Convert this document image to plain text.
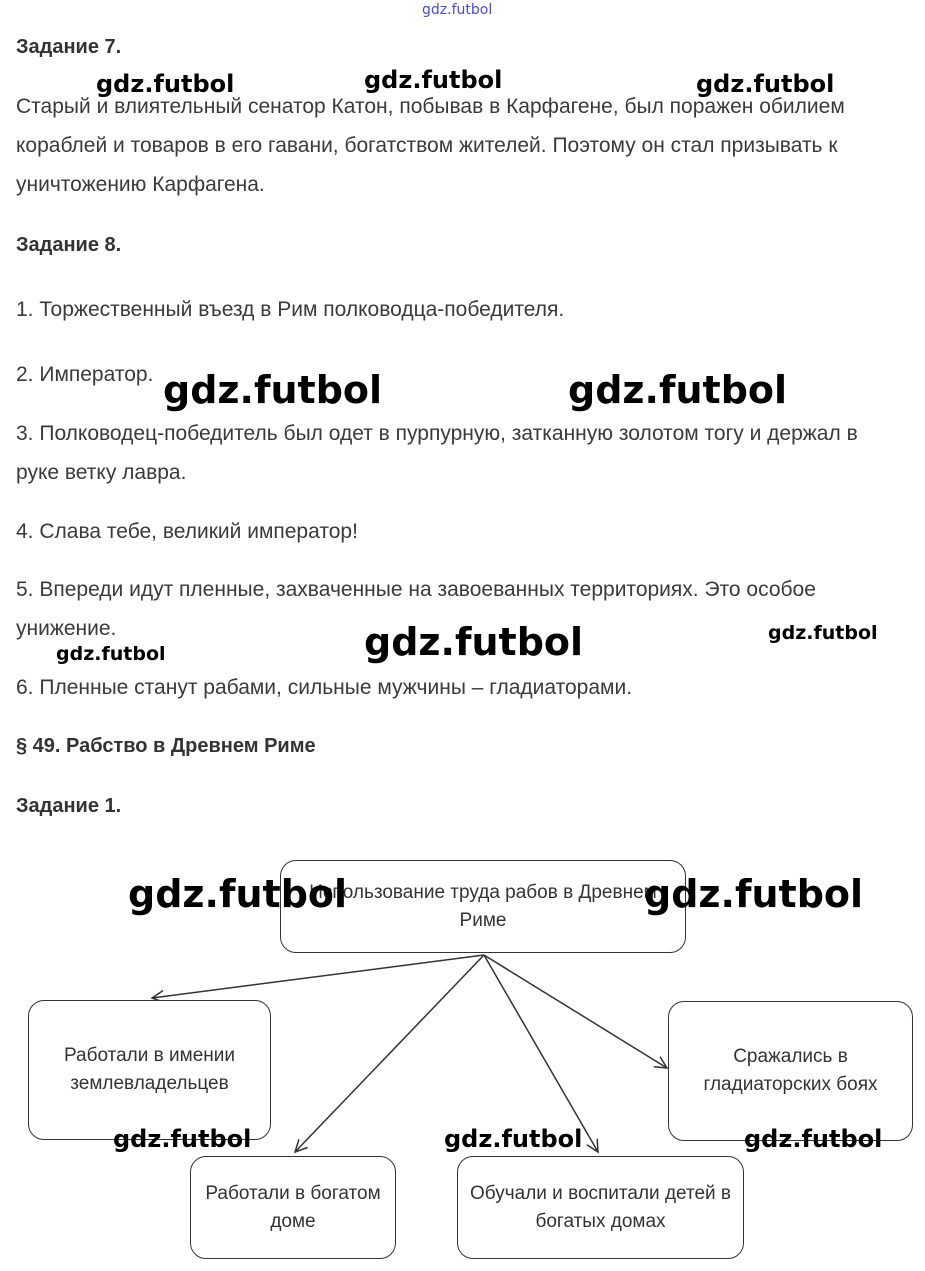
gdz.futbol
Задание 7.
Старый и влиятельный сенатор Катон, побывав в Карфагене, был поражен обилием кораблей и товаров в его гавани, богатством жителей. Поэтому он стал призывать к уничтожению Карфагена.
Задание 8.
1. Торжественный въезд в Рим полководца-победителя.
2. Император.
3. Полководец-победитель был одет в пурпурную, затканную золотом тогу и держал в руке ветку лавра.
4. Слава тебе, великий император!
5. Впереди идут пленные, захваченные на завоеванных территориях. Это особое унижение.
6. Пленные станут рабами, сильные мужчины – гладиаторами.
§ 49. Рабство в Древнем Риме
Задание 1.
Использование труда рабов в Древнем Риме
Работали в имении землевладельцев
Работали в богатом доме
Обучали и воспитали детей в богатых домах
Сражались в гладиаторских боях
gdz.futbol	gdz.futbol	gdz.futbol
gdz.futbol	gdz.futbol
gdz.futbol	gdz.futbol
gdz.futbol
gdz.futbol	gdz.futbol
gdz.futbol	gdz.futbol	gdz.futbol
